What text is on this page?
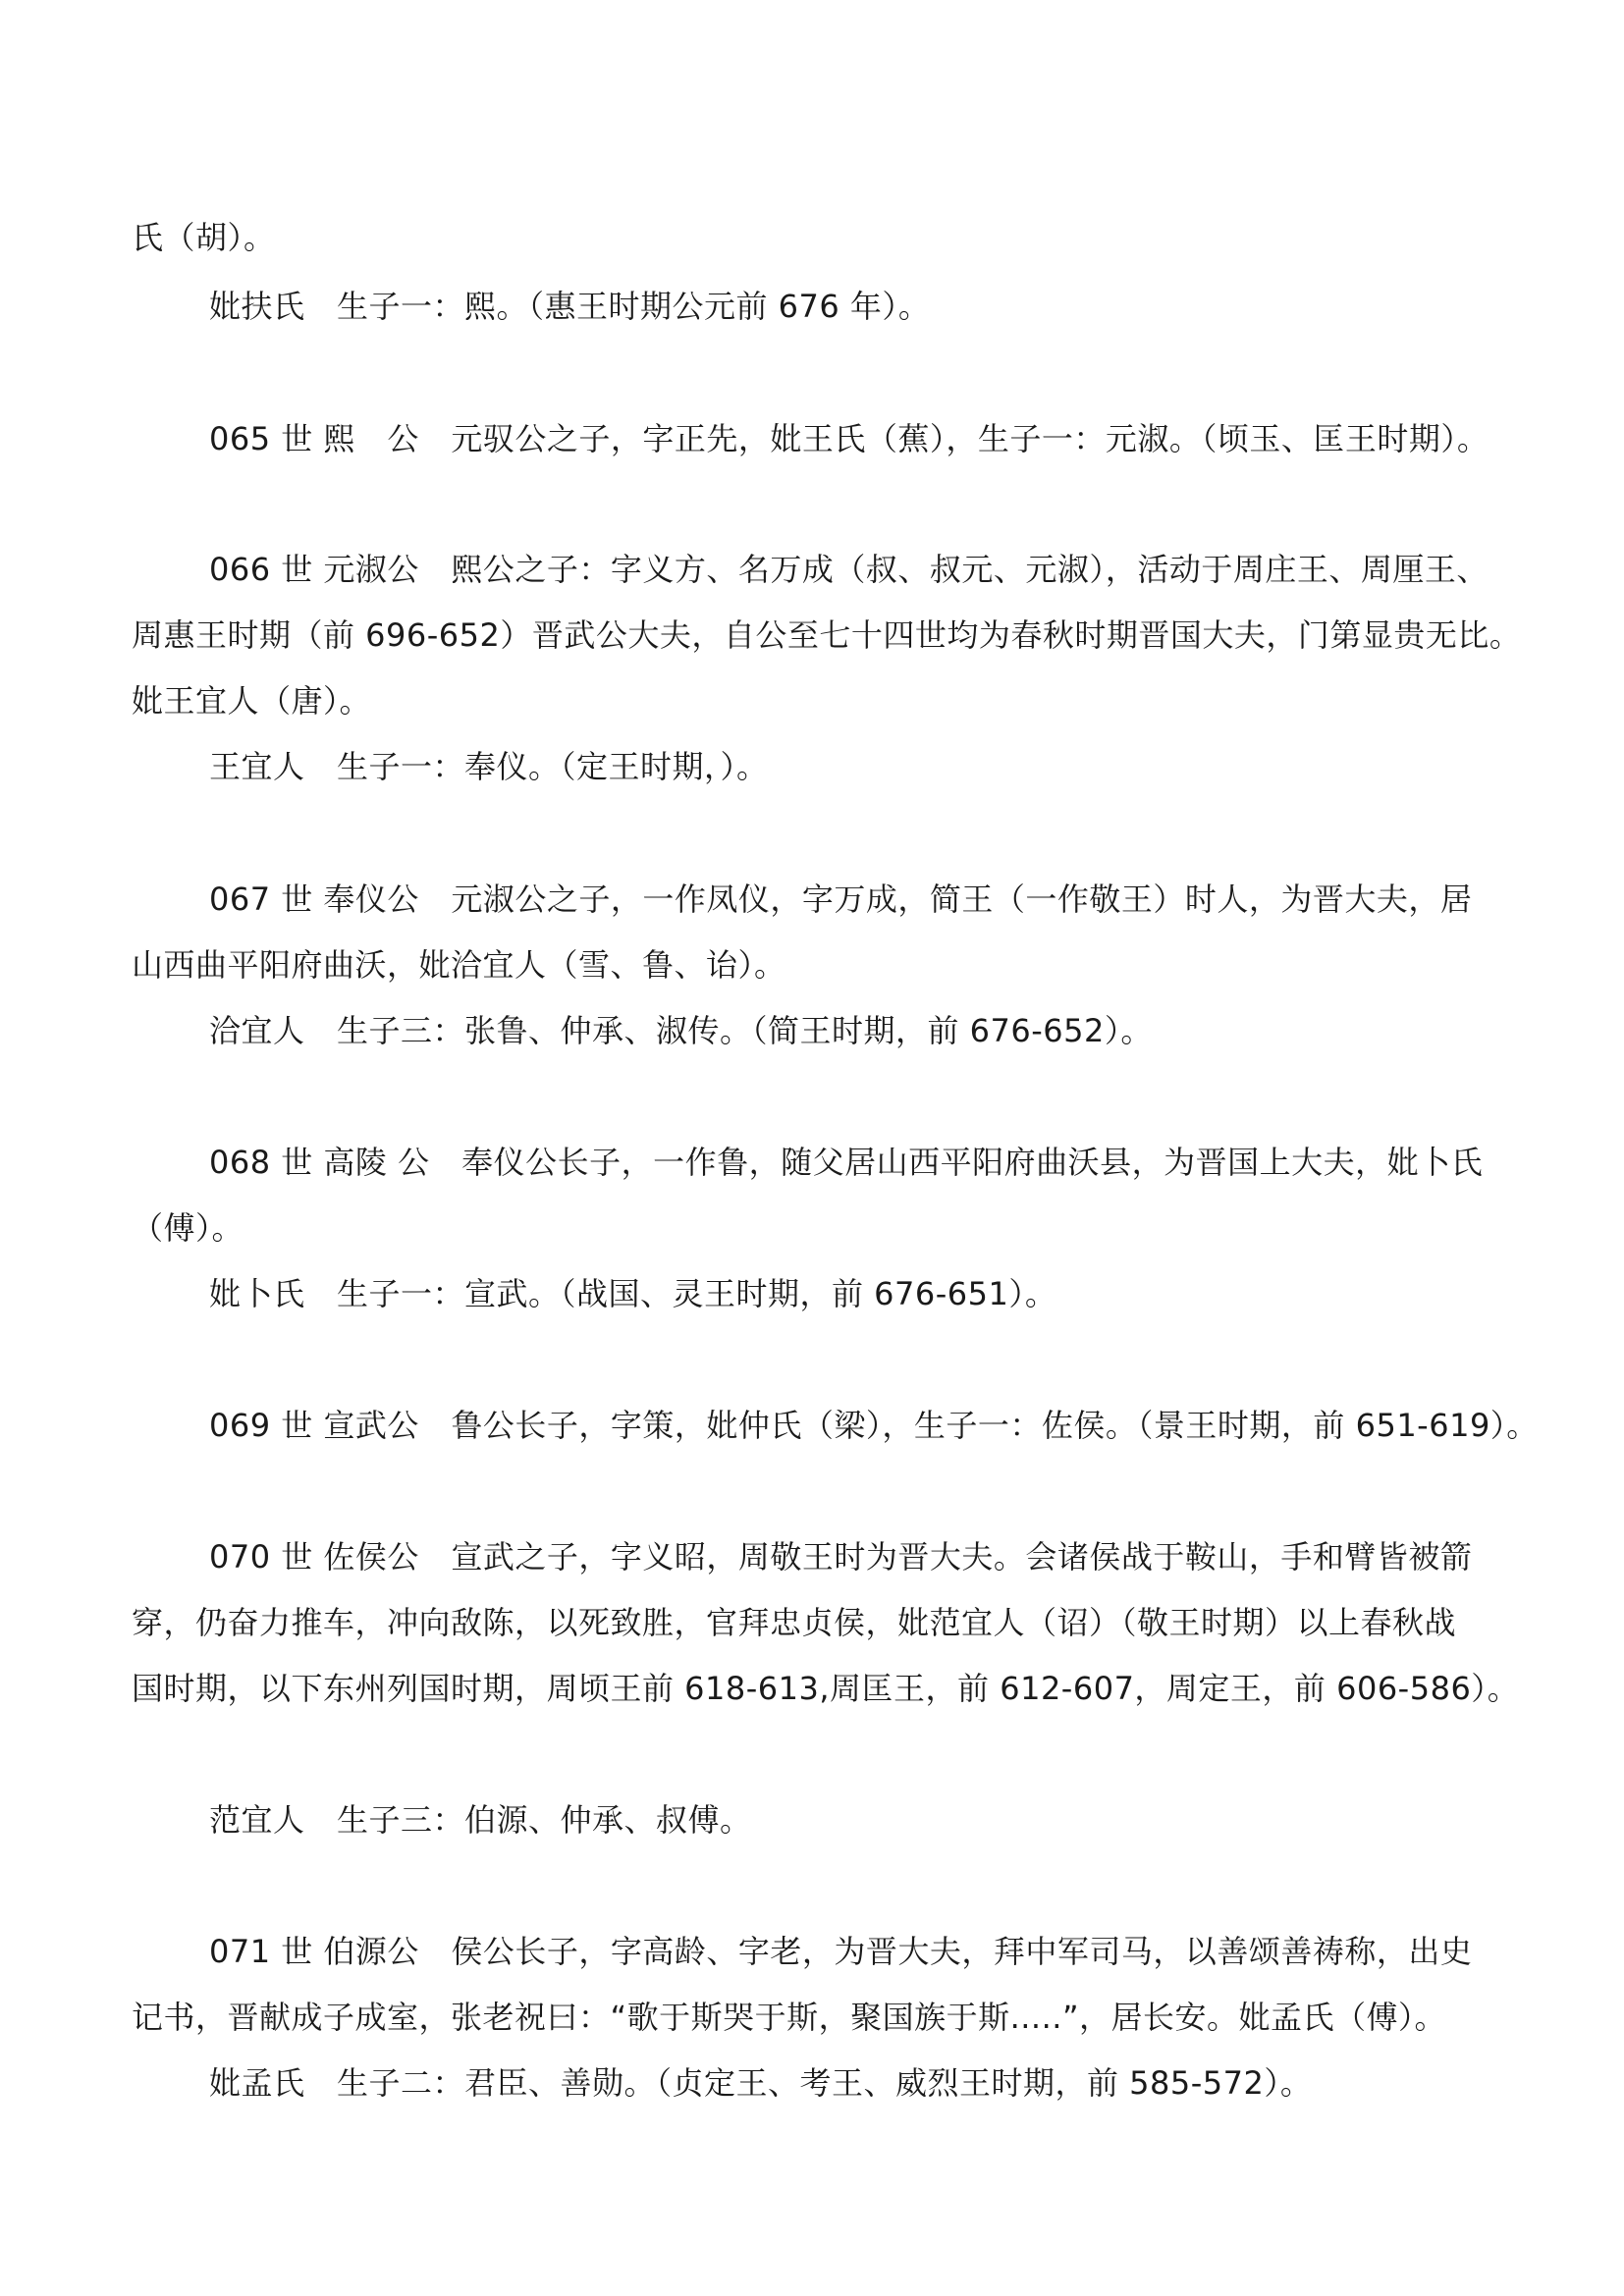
氏（胡）。
妣扶氏　生子一：熙。（惠王时期公元前 676 年）。
065 世 熙　公　元驭公之子，字正先，妣王氏（蕉），生子一：元淑。（顷玉、匡王时期）。
066 世 元淑公　熙公之子：字义方、名万成（叔、叔元、元淑），活动于周庄王、周厘王、
周惠王时期（前 696-652）晋武公大夫，自公至七十四世均为春秋时期晋国大夫，门第显贵无比。
妣王宜人（唐）。
王宜人　生子一：奉仪。（定王时期，）。
067 世 奉仪公　元淑公之子，一作凤仪，字万成，简王（一作敬王）时人，为晋大夫，居
山西曲平阳府曲沃，妣洽宜人（雪、鲁、诒）。
洽宜人　生子三：张鲁、仲承、淑传。（简王时期，前 676-652）。
068 世 高陵 公　奉仪公长子，一作鲁，随父居山西平阳府曲沃县，为晋国上大夫，妣卜氏
（傅）。
妣卜氏　生子一：宣武。（战国、灵王时期，前 676-651）。
069 世 宣武公　鲁公长子，字策，妣仲氏（梁），生子一：佐侯。（景王时期，前 651-619）。
070 世 佐侯公　宣武之子，字义昭，周敬王时为晋大夫。会诸侯战于鞍山，手和臂皆被箭
穿，仍奋力推车，冲向敌陈，以死致胜，官拜忠贞侯，妣范宜人（诏）（敬王时期）以上春秋战
国时期，以下东州列国时期，周顷王前 618-613,周匡王，前 612-607，周定王，前 606-586）。
范宜人　生子三：伯源、仲承、叔傅。
071 世 伯源公　侯公长子，字高龄、字老，为晋大夫，拜中军司马，以善颂善祷称，出史
记书，晋献成子成室，张老祝曰：“歌于斯哭于斯，聚国族于斯.....”，居长安。妣孟氏（傅）。
妣孟氏　生子二：君臣、善勋。（贞定王、考王、威烈王时期，前 585-572）。
